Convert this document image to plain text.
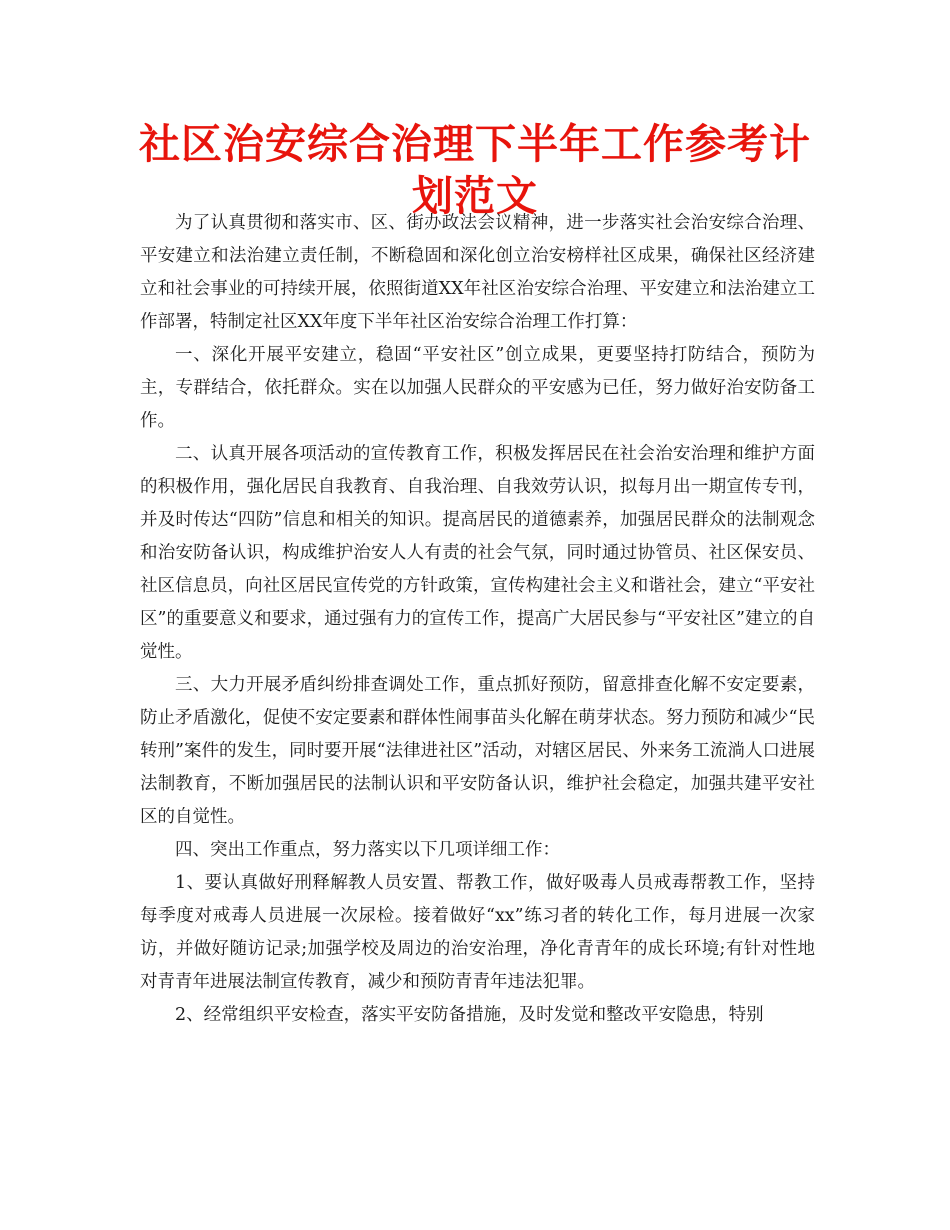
社区治安综合治理下半年工作参考计划范文

为了认真贯彻和落实市、区、街办政法会议精神，进一步落实社会治安综合治理、平安建立和法治建立责任制，不断稳固和深化创立治安榜样社区成果，确保社区经济建立和社会事业的可持续开展，依照街道XX年社区治安综合治理、平安建立和法治建立工作部署，特制定社区XX年度下半年社区治安综合治理工作打算：

一、深化开展平安建立，稳固“平安社区”创立成果，更要坚持打防结合，预防为主，专群结合，依托群众。实在以加强人民群众的平安感为已任，努力做好治安防备工作。

二、认真开展各项活动的宣传教育工作，积极发挥居民在社会治安治理和维护方面的积极作用，强化居民自我教育、自我治理、自我效劳认识，拟每月出一期宣传专刊，并及时传达“四防”信息和相关的知识。提高居民的道德素养，加强居民群众的法制观念和治安防备认识，构成维护治安人人有责的社会气氛，同时通过协管员、社区保安员、社区信息员，向社区居民宣传党的方针政策，宣传构建社会主义和谐社会，建立“平安社区”的重要意义和要求，通过强有力的宣传工作，提高广大居民参与“平安社区”建立的自觉性。

三、大力开展矛盾纠纷排查调处工作，重点抓好预防，留意排查化解不安定要素，防止矛盾激化，促使不安定要素和群体性闹事苗头化解在萌芽状态。努力预防和减少“民转刑”案件的发生，同时要开展“法律进社区”活动，对辖区居民、外来务工流淌人口进展法制教育，不断加强居民的法制认识和平安防备认识，维护社会稳定，加强共建平安社区的自觉性。

四、突出工作重点，努力落实以下几项详细工作：

1、要认真做好刑释解教人员安置、帮教工作，做好吸毒人员戒毒帮教工作，坚持每季度对戒毒人员进展一次尿检。接着做好“xx”练习者的转化工作，每月进展一次家访，并做好随访记录;加强学校及周边的治安治理，净化青青年的成长环境;有针对性地对青青年进展法制宣传教育，减少和预防青青年违法犯罪。

2、经常组织平安检查，落实平安防备措施，及时发觉和整改平安隐患，特别
